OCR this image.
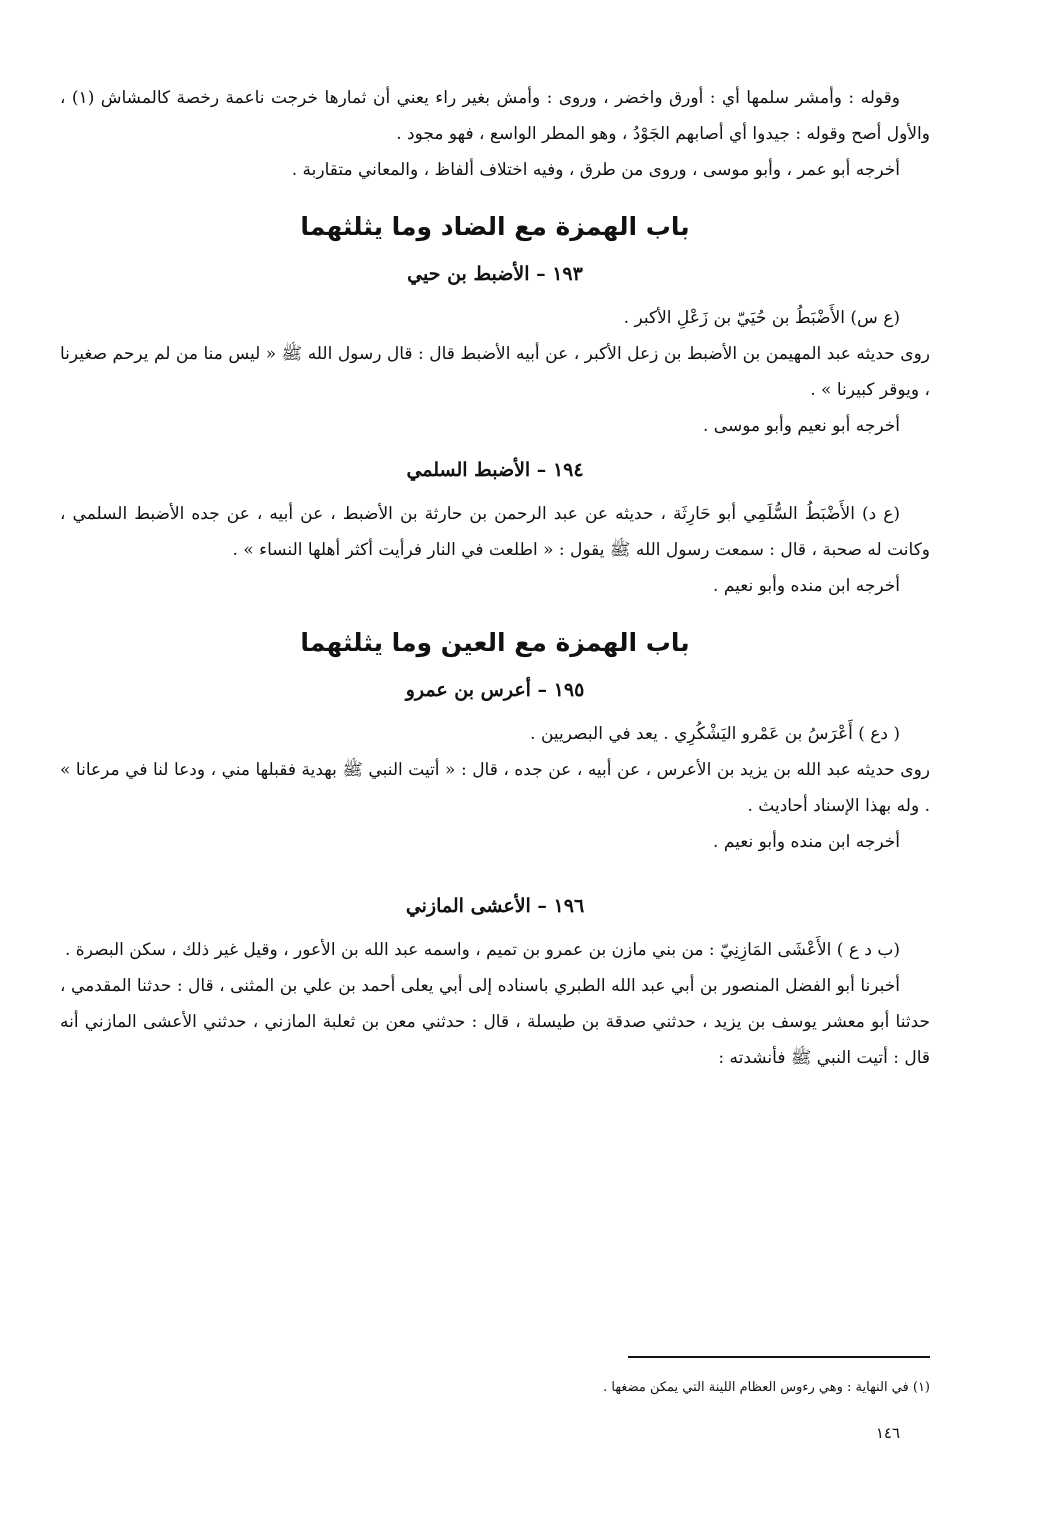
وقوله : وأمشر سلمها أي : أورق واخضر ، وروى : وأمش بغير راء يعني أن ثمارها خرجت ناعمة رخصة كالمشاش (١) ، والأول أصح وقوله : جيدوا أي أصابهم الجَوْدُ ، وهو المطر الواسع ، فهو مجود .

أخرجه أبو عمر ، وأبو موسى ، وروى من طرق ، وفيه اختلاف ألفاظ ، والمعاني متقاربة .

باب الهمزة مع الضاد وما يثلثهما
١٩٣ – الأضبط بن حيي

(ع س) الأَضْبَطُ بن حُيَيّ بن زَعْلِ الأكبر .

روى حديثه عبد المهيمن بن الأضبط بن زعل الأكبر ، عن أبيه الأضبط قال : قال رسول الله ﷺ « ليس منا من لم يرحم صغيرنا ، ويوقر كبيرنا » .

أخرجه أبو نعيم وأبو موسى .

١٩٤ – الأضبط السلمي

(ع د) الأَضْبَطُ السُّلَمِي أبو حَارِثَة ، حديثه عن عبد الرحمن بن حارثة بن الأضبط ، عن أبيه ، عن جده الأضبط السلمي ، وكانت له صحبة ، قال : سمعت رسول الله ﷺ يقول : « اطلعت في النار فرأيت أكثر أهلها النساء » .

أخرجه ابن منده وأبو نعيم .

باب الهمزة مع العين وما يثلثهما
١٩٥ – أعرس بن عمرو

( دع ) أَعْرَسُ بن عَمْرو اليَشْكُرِي . يعد في البصريين .

روى حديثه عبد الله بن يزيد بن الأعرس ، عن أبيه ، عن جده ، قال : « أتيت النبي ﷺ بهدية فقبلها مني ، ودعا لنا في مرعانا » . وله بهذا الإسناد أحاديث .

أخرجه ابن منده وأبو نعيم .

١٩٦ – الأعشى المازني

(ب د ع ) الأَعْشَى المَازِنِيّ : من بني مازن بن عمرو بن تميم ، واسمه عبد الله بن الأعور ، وقيل غير ذلك ، سكن البصرة .

أخبرنا أبو الفضل المنصور بن أبي عبد الله الطبري باسناده إلى أبي يعلى أحمد بن علي بن المثنى ، قال : حدثنا المقدمي ، حدثنا أبو معشر يوسف بن يزيد ، حدثني صدقة بن طيسلة ، قال : حدثني معن بن ثعلبة المازني ، حدثني الأعشى المازني أنه قال : أتيت النبي ﷺ فأنشدته :

(١) في النهاية : وهي رءوس العظام اللينة التي يمكن مضغها .
١٤٦
